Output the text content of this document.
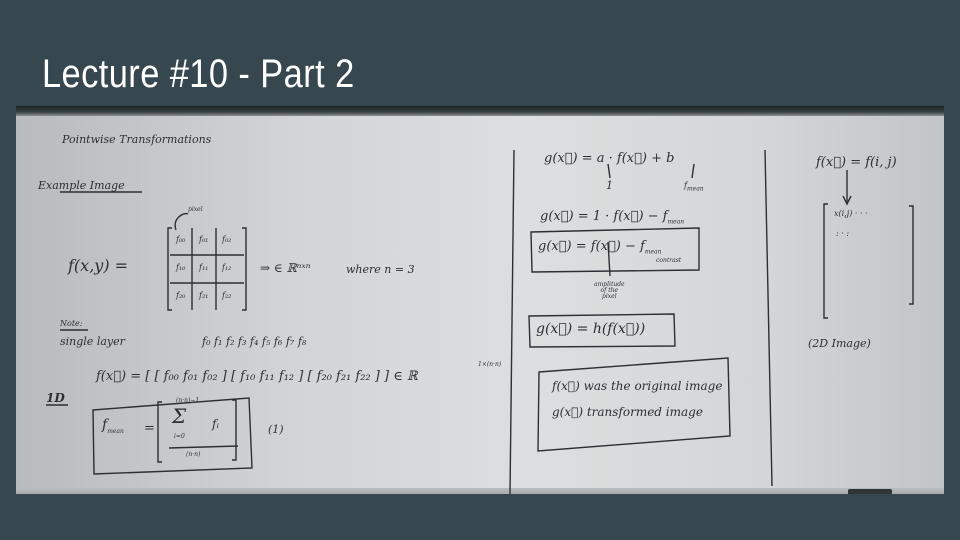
Lecture #10 - Part 2
Pointwise Transformations
Example Image
pixel
f(x,y) =
f₀₀ f₀₁ f₀₂
f₁₀ f₁₁ f₁₂
f₂₀ f₂₁ f₂₂
⇒ ∈ ℝⁿˣⁿ	where n = 3
Note:
single layer	f₀ f₁ f₂ f₃ f₄ f₅ f₆ f₇ f₈
f(x⃗) = [ [ f₀₀ f₀₁ f₀₂ ] [ f₁₀ f₁₁ f₁₂ ] [ f₂₀ f₂₁ f₂₂ ] ] ∈ ℝ
1×(n·n)
1D
$f_{mean}$ =
(n·n)−1
Σ
i=0
fᵢ
(n·n)
(1)
g(x⃗) = a · f(x⃗) + b
1	$f_{mean}$
g(x⃗) = 1 · f(x⃗) − $f_{mean}$
g(x⃗) = f(x⃗) − $f_{mean}$
contrast
amplitude
of the
pixel
g(x⃗) = h(f(x⃗))
f(x⃗) was the original image
g(x⃗) transformed image
f(x⃗) = f(i, j)
x(i,j) · · ·
: · :
(2D Image)
